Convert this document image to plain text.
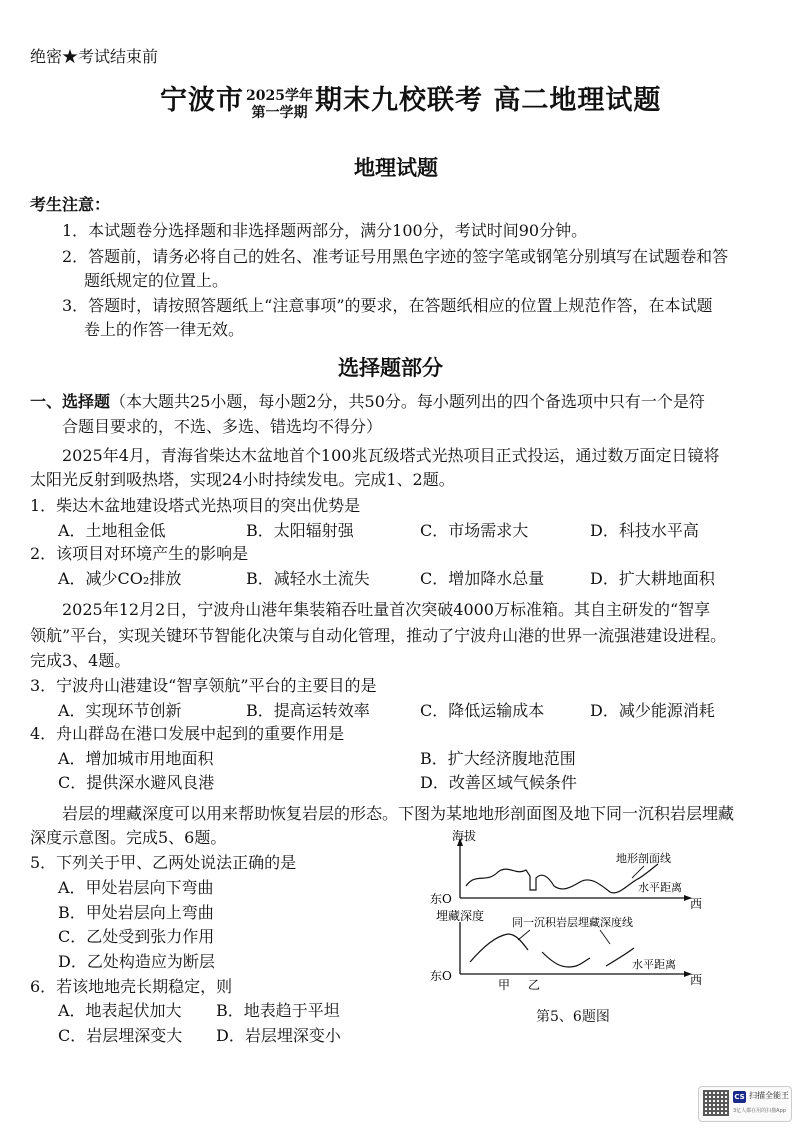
绝密★考试结束前
宁波市 2025学年
第一学期 期末九校联考 高二地理试题
地理试题
考生注意：
1．本试题卷分选择题和非选择题两部分，满分100分，考试时间90分钟。
2．答题前，请务必将自己的姓名、准考证号用黑色字迹的签字笔或钢笔分别填写在试题卷和答
题纸规定的位置上。
3．答题时，请按照答题纸上“注意事项”的要求，在答题纸相应的位置上规范作答，在本试题
卷上的作答一律无效。
选择题部分
一、选择题（本大题共25小题，每小题2分，共50分。每小题列出的四个备选项中只有一个是符
合题目要求的，不选、多选、错选均不得分）
2025年4月，青海省柴达木盆地首个100兆瓦级塔式光热项目正式投运，通过数万面定日镜将
太阳光反射到吸热塔，实现24小时持续发电。完成1、2题。
1．柴达木盆地建设塔式光热项目的突出优势是
A．土地租金低	B．太阳辐射强	C．市场需求大	D．科技水平高
2．该项目对环境产生的影响是
A．减少CO₂排放	B．减轻水土流失	C．增加降水总量	D．扩大耕地面积
2025年12月2日，宁波舟山港年集装箱吞吐量首次突破4000万标准箱。其自主研发的“智享
领航”平台，实现关键环节智能化决策与自动化管理，推动了宁波舟山港的世界一流强港建设进程。
完成3、4题。
3．宁波舟山港建设“智享领航”平台的主要目的是
A．实现环节创新	B．提高运转效率	C．降低运输成本	D．减少能源消耗
4．舟山群岛在港口发展中起到的重要作用是
A．增加城市用地面积	B．扩大经济腹地范围
C．提供深水避风良港	D．改善区域气候条件
岩层的埋藏深度可以用来帮助恢复岩层的形态。下图为某地地形剖面图及地下同一沉积岩层埋藏
深度示意图。完成5、6题。
5．下列关于甲、乙两处说法正确的是
A．甲处岩层向下弯曲
B．甲处岩层向上弯曲
C．乙处受到张力作用
D．乙处构造应为断层
6．若该地地壳长期稳定，则
A．地表起伏加大 B．地表趋于平坦
C．岩层埋深变大 D．岩层埋深变小
海拔
东O	西
水平距离
地形剖面线
埋藏深度
东O	西
水平距离
同一沉积岩层埋藏深度线
甲 乙
第5、6题图
CS 扫描全能王
3亿人都在用的扫描App
